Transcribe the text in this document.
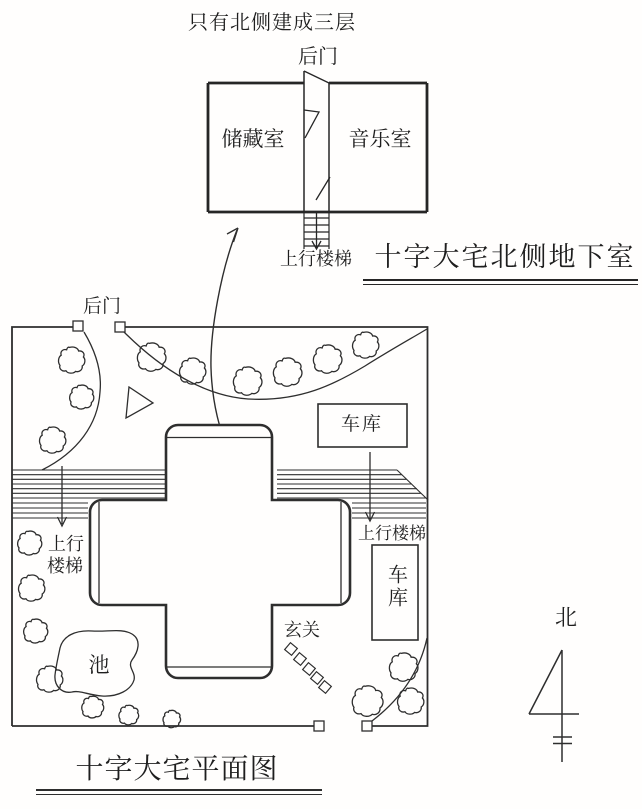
只有北侧建成三层
后门
储藏室	音乐室
上行楼梯 十字大宅北侧地下室
后门
车库
上行楼梯
车库
玄关
上行
楼梯
池
十字大宅平面图
北
